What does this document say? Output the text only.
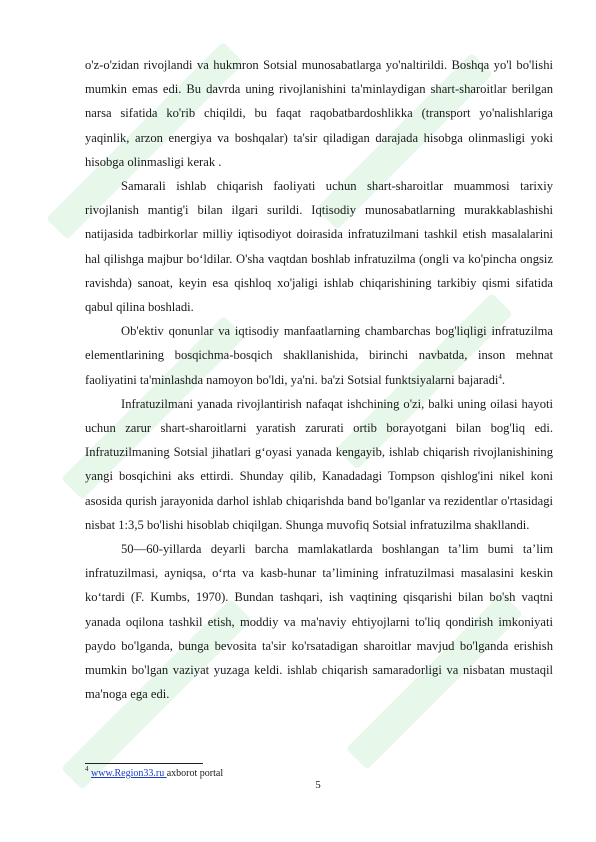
o'z-o'zidan rivojlandi va hukmron Sotsial munosabatlarga yo'naltirildi. Boshqa yo'l bo'lishi mumkin emas edi. Bu davrda uning rivojlanishini ta'minlaydigan shart-sharoitlar berilgan narsa sifatida ko'rib chiqildi, bu faqat raqobatbardoshlikka (transport yo'nalishlariga yaqinlik, arzon energiya va boshqalar) ta'sir qiladigan darajada hisobga olinmasligi yoki hisobga olinmasligi kerak .

Samarali ishlab chiqarish faoliyati uchun shart-sharoitlar muammosi tarixiy rivojlanish mantig'i bilan ilgari surildi. Iqtisodiy munosabatlarning murakkablashishi natijasida tadbirkorlar milliy iqtisodiyot doirasida infratuzilmani tashkil etish masalalarini hal qilishga majbur bo‘ldilar. O'sha vaqtdan boshlab infratuzilma (ongli va ko'pincha ongsiz ravishda) sanoat, keyin esa qishloq xo'jaligi ishlab chiqarishining tarkibiy qismi sifatida qabul qilina boshladi.

Ob'ektiv qonunlar va iqtisodiy manfaatlarning chambarchas bog'liqligi infratuzilma elementlarining bosqichma-bosqich shakllanishida, birinchi navbatda, inson mehnat faoliyatini ta'minlashda namoyon bo'ldi, ya'ni. ba'zi Sotsial funktsiyalarni bajaradi$^4$.

Infratuzilmani yanada rivojlantirish nafaqat ishchining o'zi, balki uning oilasi hayoti uchun zarur shart-sharoitlarni yaratish zarurati ortib borayotgani bilan bog'liq edi. Infratuzilmaning Sotsial jihatlari g‘oyasi yanada kengayib, ishlab chiqarish rivojlanishining yangi bosqichini aks ettirdi. Shunday qilib, Kanadadagi Tompson qishlog'ini nikel koni asosida qurish jarayonida darhol ishlab chiqarishda band bo'lganlar va rezidentlar o'rtasidagi nisbat 1:3,5 bo'lishi hisoblab chiqilgan. Shunga muvofiq Sotsial infratuzilma shakllandi.

50—60-yillarda deyarli barcha mamlakatlarda boshlangan ta’lim bumi ta’lim infratuzilmasi, ayniqsa, o‘rta va kasb-hunar ta’limining infratuzilmasi masalasini keskin ko‘tardi (F. Kumbs, 1970). Bundan tashqari, ish vaqtining qisqarishi bilan bo'sh vaqtni yanada oqilona tashkil etish, moddiy va ma'naviy ehtiyojlarni to'liq qondirish imkoniyati paydo bo'lganda, bunga bevosita ta'sir ko'rsatadigan sharoitlar mavjud bo'lganda erishish mumkin bo'lgan vaziyat yuzaga keldi. ishlab chiqarish samaradorligi va nisbatan mustaqil ma'noga ega edi.

$^4$ www.Region33.ru axborot portal
5
